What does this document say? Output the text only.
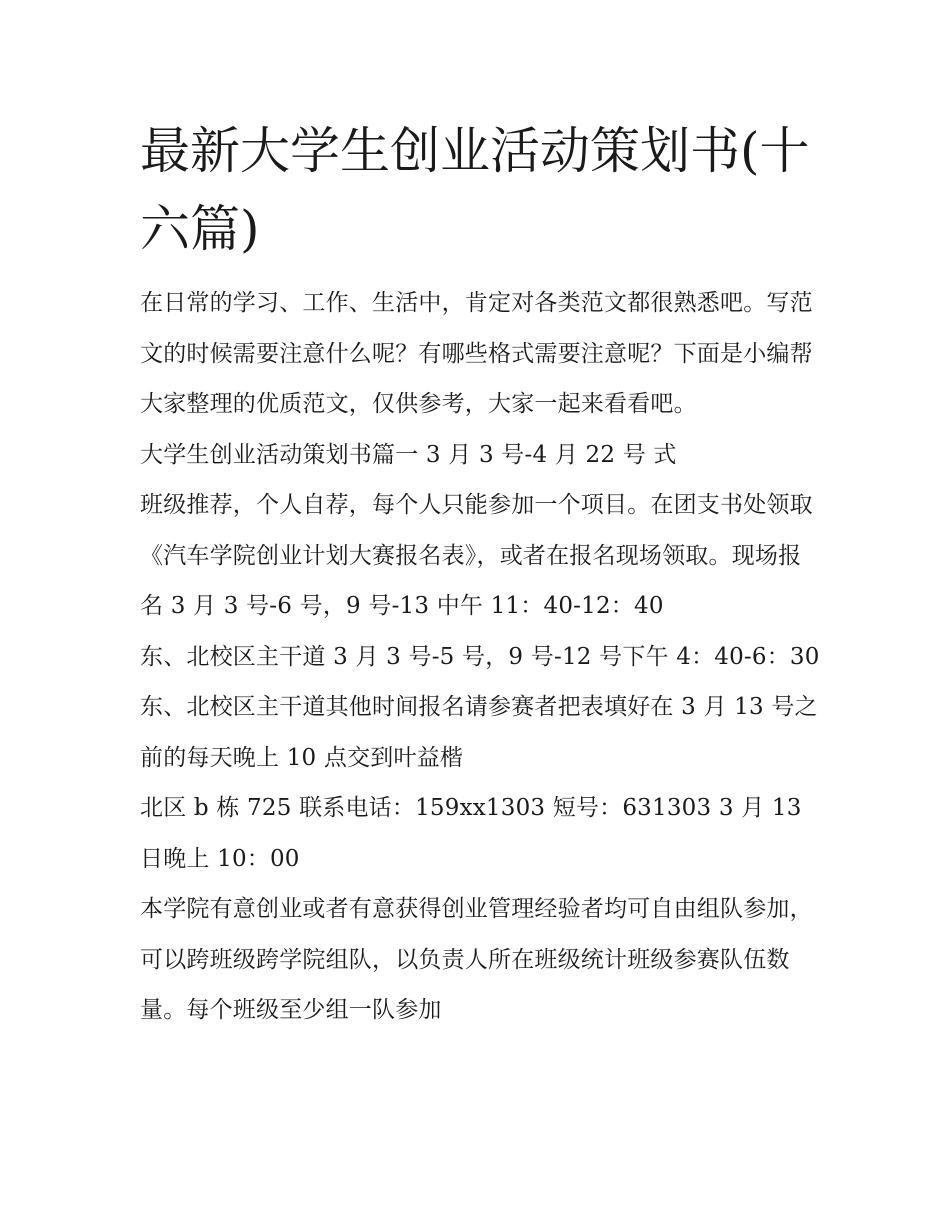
最新大学生创业活动策划书(十六篇)

在日常的学习、工作、生活中，肯定对各类范文都很熟悉吧。写范文的时候需要注意什么呢？有哪些格式需要注意呢？下面是小编帮大家整理的优质范文，仅供参考，大家一起来看看吧。

大学生创业活动策划书篇一 3 月 3 号-4 月 22 号 式

班级推荐，个人自荐，每个人只能参加一个项目。在团支书处领取《汽车学院创业计划大赛报名表》，或者在报名现场领取。现场报名 3 月 3 号-6 号，9 号-13 中午 11：40-12：40

东、北校区主干道 3 月 3 号-5 号，9 号-12 号下午 4：40-6：30

东、北校区主干道其他时间报名请参赛者把表填好在 3 月 13 号之前的每天晚上 10 点交到叶益楷

北区 b 栋 725 联系电话：159xx1303 短号：631303 3 月 13 日晚上 10：00

本学院有意创业或者有意获得创业管理经验者均可自由组队参加，可以跨班级跨学院组队，以负责人所在班级统计班级参赛队伍数量。每个班级至少组一队参加
